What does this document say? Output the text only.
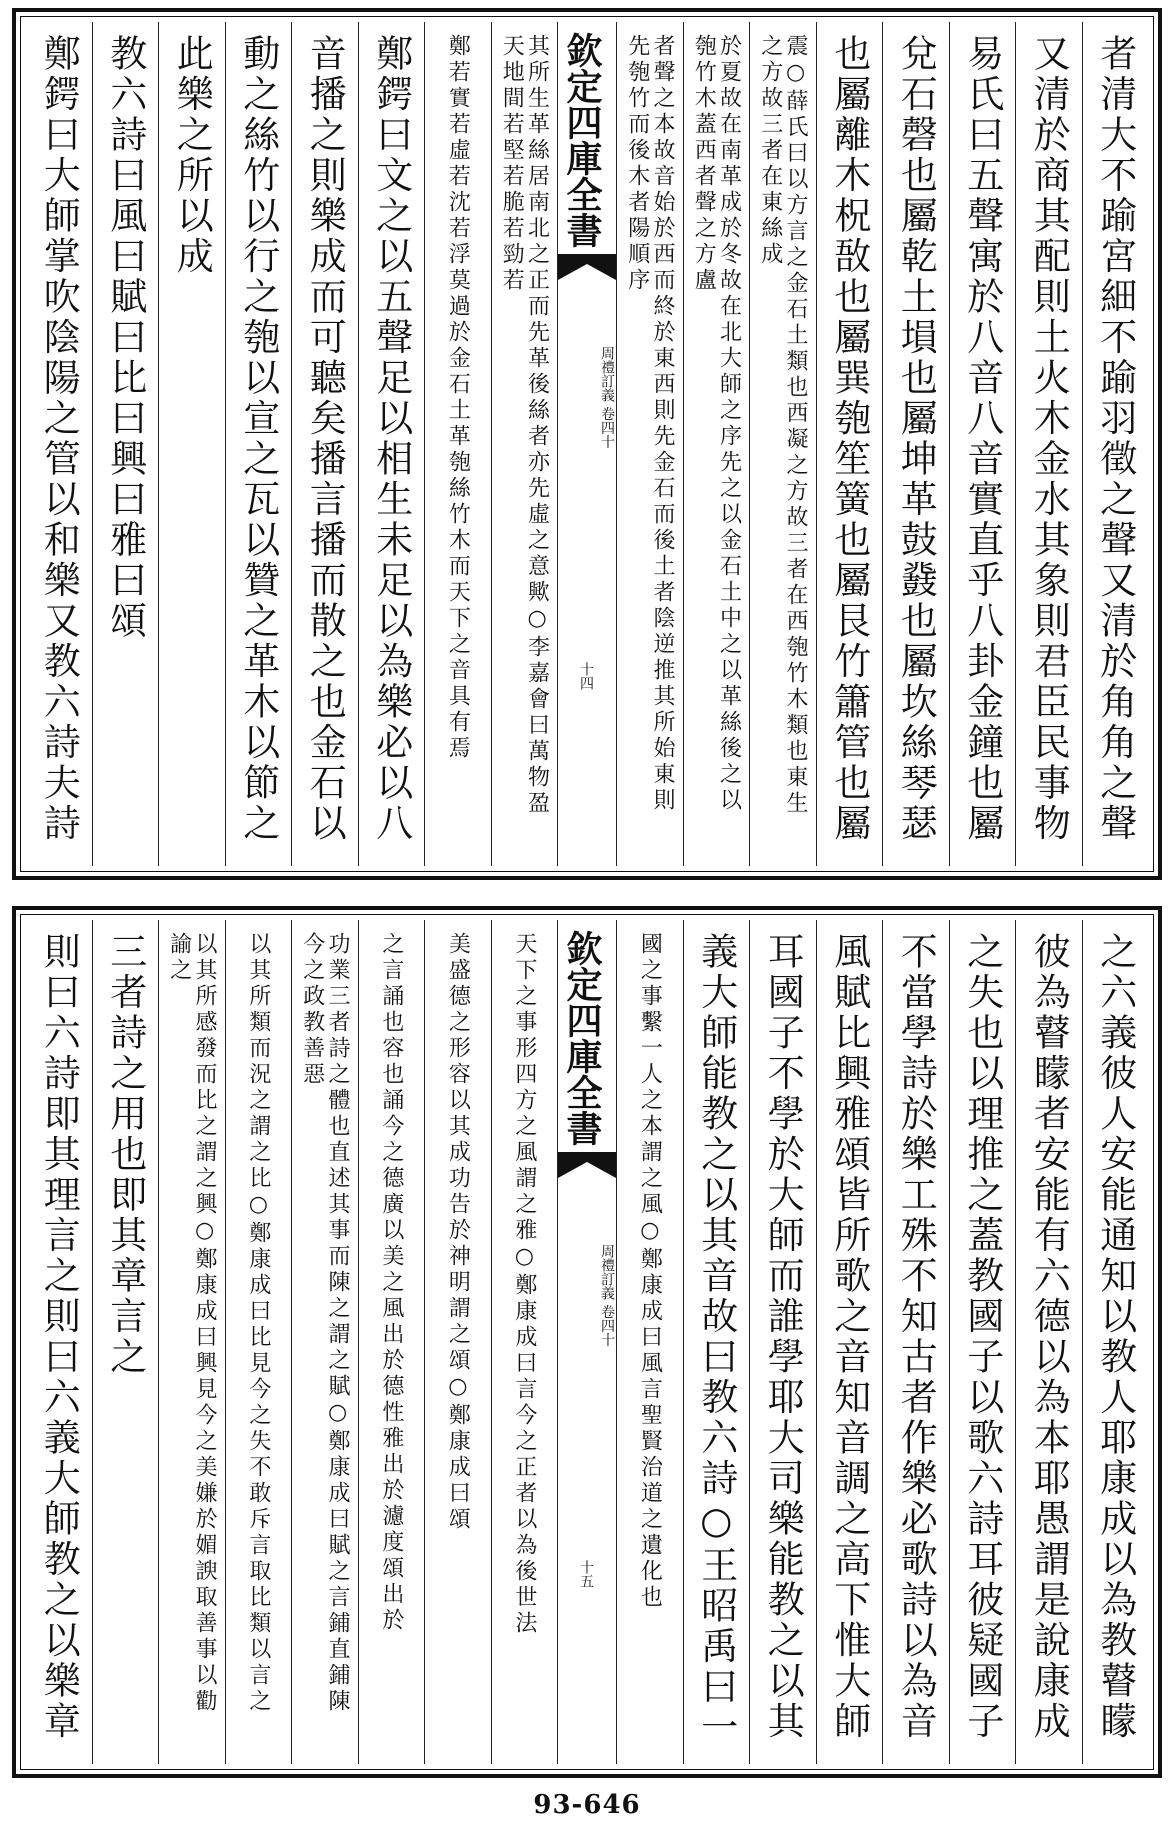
者清大不踰宮細不踰羽徵之聲又清於角角之聲
又清於商其配則土火木金水其象則君臣民事物
易氏曰五聲寓於八音八音實直乎八卦金鐘也屬
兌石磬也屬乾土塤也屬坤革鼓鼗也屬坎絲琴瑟
也屬離木柷敔也屬巽匏笙簧也屬艮竹簫管也屬
震○薛氏曰以方言之金石土類也西凝之方故三者在西匏竹木類也東生之方故三者在東絲成
於夏故在南革成於冬故在北大師之序先之以金石土中之以革絲後之以匏竹木蓋西者聲之方盧
者聲之本故音始於西而終於東西則先金石而後土者陰逆推其所始東則先匏竹而後木者陽順序
欽定四庫全書
周禮訂義 卷四十
十四
其所生革絲居南北之正而先革後絲者亦先虛之意歟○李嘉會曰萬物盈天地間若堅若脆若勁若
鄭若實若虛若沈若浮莫過於金石土革匏絲竹木而天下之音具有焉
鄭鍔曰文之以五聲足以相生未足以為樂必以八
音播之則樂成而可聽矣播言播而散之也金石以
動之絲竹以行之匏以宣之瓦以贊之革木以節之
此樂之所以成
教六詩曰風曰賦曰比曰興曰雅曰頌
鄭鍔曰大師掌吹陰陽之管以和樂又教六詩夫詩
之六義彼人安能通知以教人耶康成以為教瞽矇
彼為瞽矇者安能有六德以為本耶愚謂是說康成
之失也以理推之蓋教國子以歌六詩耳彼疑國子
不當學詩於樂工殊不知古者作樂必歌詩以為音
風賦比興雅頌皆所歌之音知音調之高下惟大師
耳國子不學於大師而誰學耶大司樂能教之以其
義大師能教之以其音故曰教六詩○王昭禹曰一
國之事繫一人之本謂之風○鄭康成曰風言聖賢治道之遺化也
欽定四庫全書
周禮訂義 卷四十
十五
天下之事形四方之風謂之雅○鄭康成曰言今之正者以為後世法
美盛德之形容以其成功告於神明謂之頌○鄭康成曰頌
之言誦也容也誦今之德廣以美之風出於德性雅出於濾度頌出於
功業三者詩之體也直述其事而陳之謂之賦○鄭康成曰賦之言鋪直鋪陳今之政教善惡
以其所類而況之謂之比○鄭康成曰比見今之失不敢斥言取比類以言之
以其所感發而比之謂之興○鄭康成曰興見今之美嫌於媚諛取善事以勸諭之
三者詩之用也即其章言之
則曰六詩即其理言之則曰六義大師教之以樂章
93-646
